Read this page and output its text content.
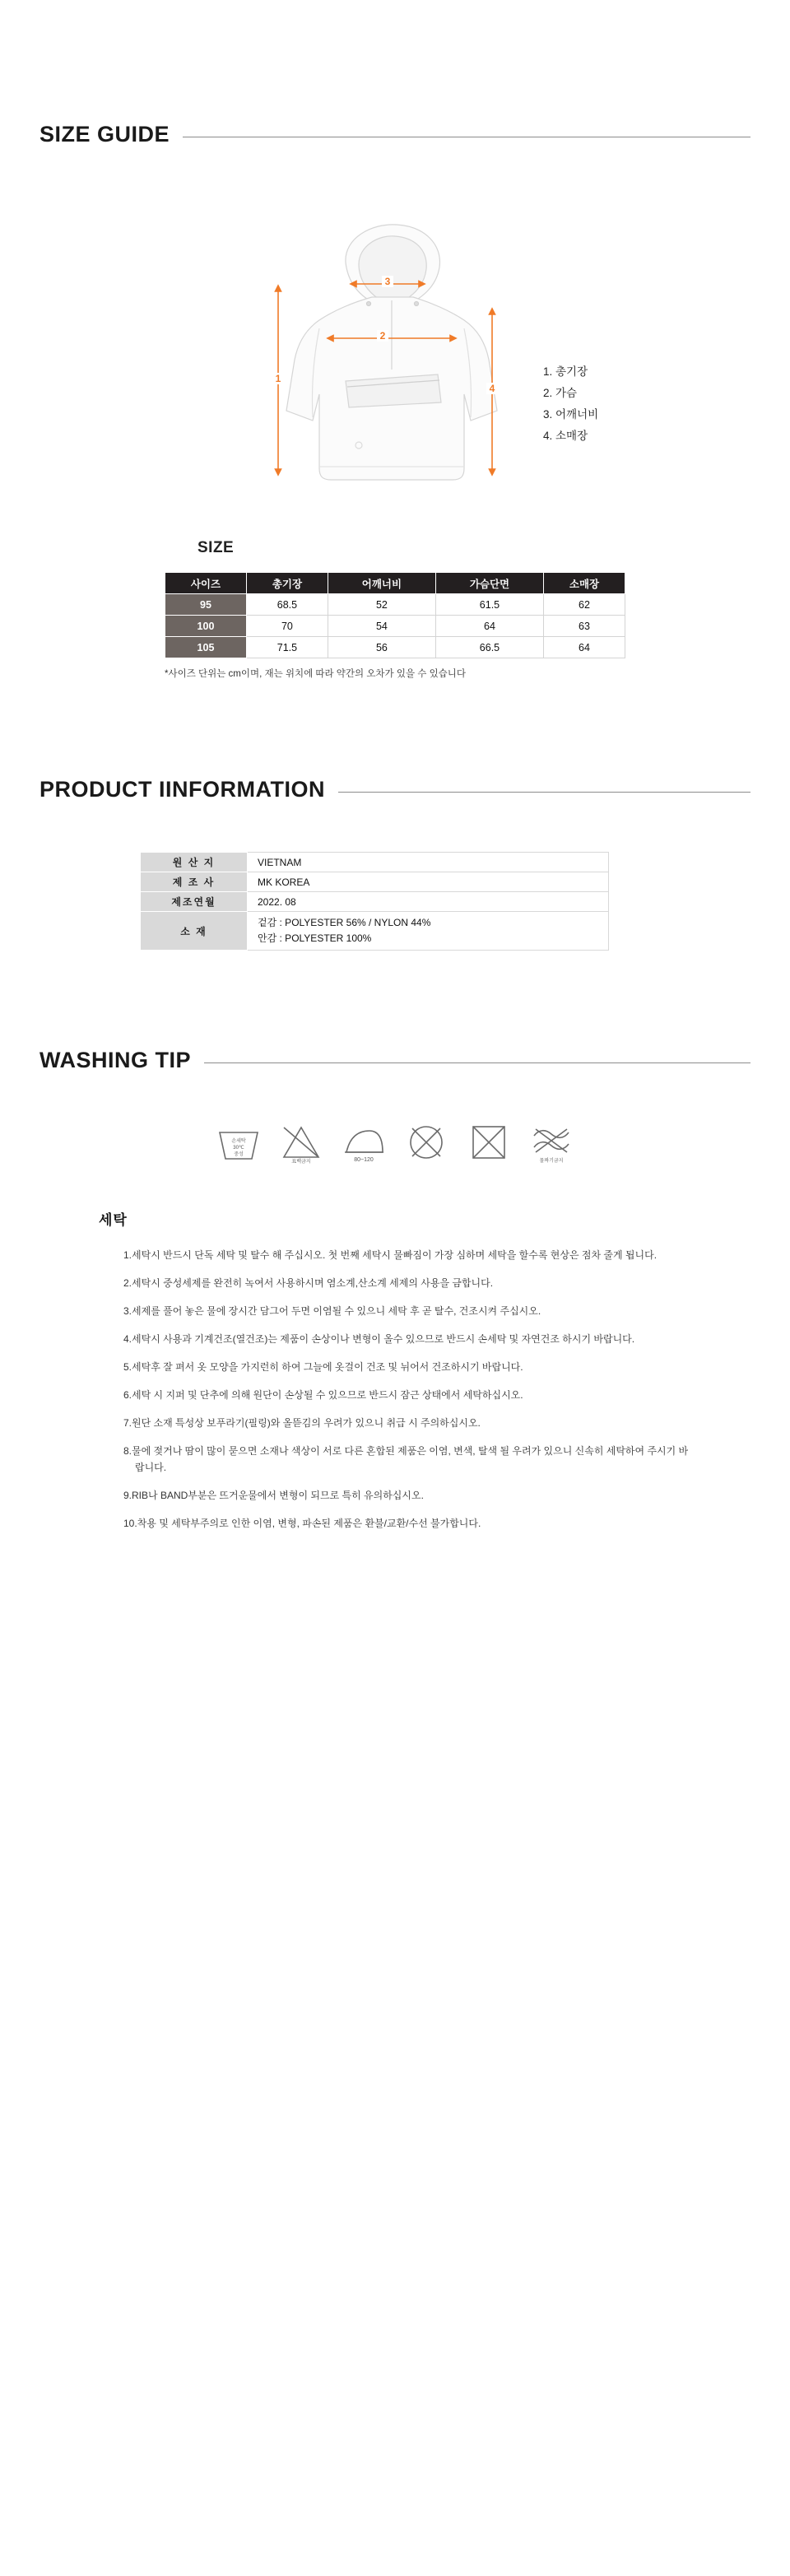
SIZE GUIDE
3
2
1
4
1. 총기장
2. 가슴
3. 어깨너비
4. 소매장
SIZE
사이즈	총기장	어깨너비	가슴단면	소매장
95	68.5	52	61.5	62
100	70	54	64	63
105	71.5	56	66.5	64
*사이즈 단위는 cm이며, 재는 위치에 따라 약간의 오차가 있을 수 있습니다
PRODUCT IINFORMATION
원 산 지	VIETNAM
제 조 사	MK KOREA
제조연월	2022. 08
소 재	겉감 : POLYESTER 56% / NYLON 44%
안감 : POLYESTER 100%
WASHING TIP
손세탁
30℃
중성
표백금지	80~120	물짜기금지
세탁
1.세탁시 반드시 단독 세탁 및 탈수 해 주십시오. 첫 번째 세탁시 물빠짐이 가장 심하며 세탁을 할수록 현상은 점차 줄게 됩니다.
2.세탁시 중성세제를 완전히 녹여서 사용하시며 염소계,산소계 세제의 사용을 금합니다.
3.세제를 풀어 놓은 물에 장시간 담그어 두면 이염될 수 있으니 세탁 후 곧 탈수, 건조시켜 주십시오.
4.세탁시 사용과 기계건조(열건조)는 제품이 손상이나 변형이 올수 있으므로 반드시 손세탁 및 자연건조 하시기 바랍니다.
5.세탁후 잘 펴서 옷 모양을 가지런히 하여 그늘에 옷걸이 건조 및 뉘어서 건조하시기 바랍니다.
6.세탁 시 지퍼 및 단추에 의해 원단이 손상될 수 있으므로 반드시 잠근 상태에서 세탁하십시오.
7.원단 소재 특성상 보푸라기(필링)와 올뜯김의 우려가 있으니 취급 시 주의하십시오.
8.물에 젖거나 땀이 많이 묻으면 소재나 색상이 서로 다른 혼합된 제품은 이염, 변색, 탈색 될 우려가 있으니 신속히 세탁하여 주시기 바랍니다.
9.RIB나 BAND부분은 뜨거운물에서 변형이 되므로 특히 유의하십시오.
10.착용 및 세탁부주의로 인한 이염, 변형, 파손된 제품은 환불/교환/수선 불가합니다.
